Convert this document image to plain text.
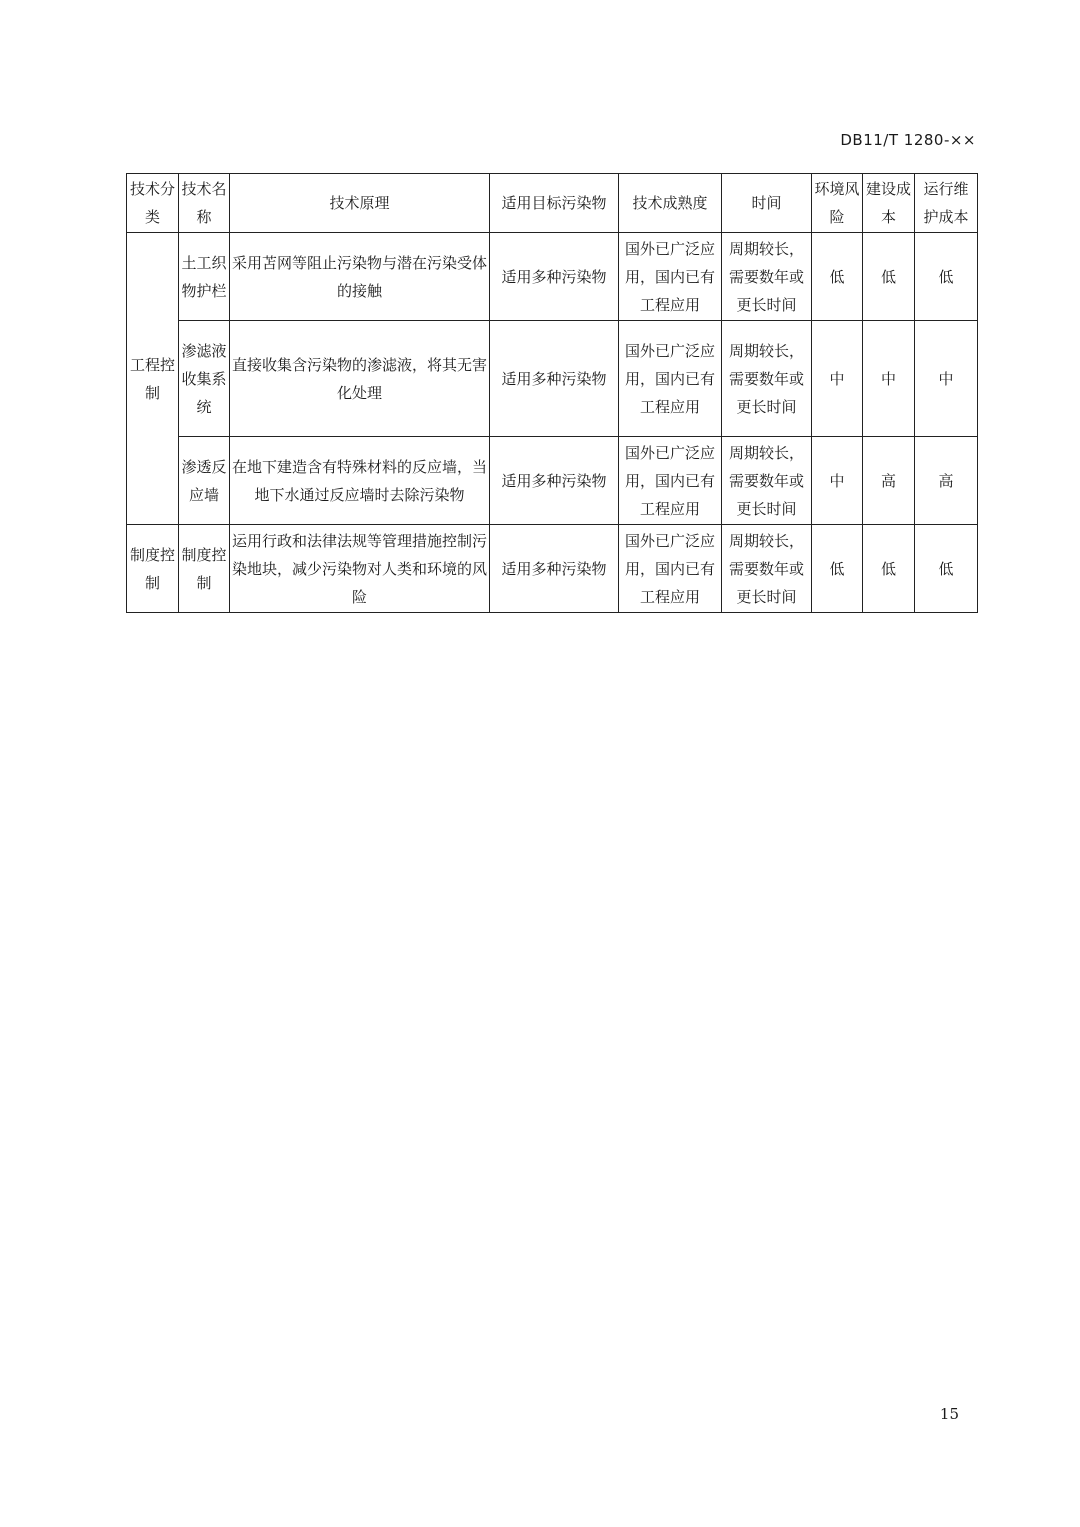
DB11/T 1280-××
技术分类	技术名称	技术原理	适用目标污染物	技术成熟度	时间	环境风险	建设成本	运行维护成本
工程控制	土工织物护栏	采用苫网等阻止污染物与潜在污染受体的接触	适用多种污染物	国外已广泛应用，国内已有工程应用	周期较长，需要数年或更长时间	低	低	低
	渗滤液收集系统	直接收集含污染物的渗滤液，将其无害化处理	适用多种污染物	国外已广泛应用，国内已有工程应用	周期较长，需要数年或更长时间	中	中	中
	渗透反应墙	在地下建造含有特殊材料的反应墙，当地下水通过反应墙时去除污染物	适用多种污染物	国外已广泛应用，国内已有工程应用	周期较长，需要数年或更长时间	中	高	高
制度控制	制度控制	运用行政和法律法规等管理措施控制污染地块，减少污染物对人类和环境的风险	适用多种污染物	国外已广泛应用，国内已有工程应用	周期较长，需要数年或更长时间	低	低	低
15
